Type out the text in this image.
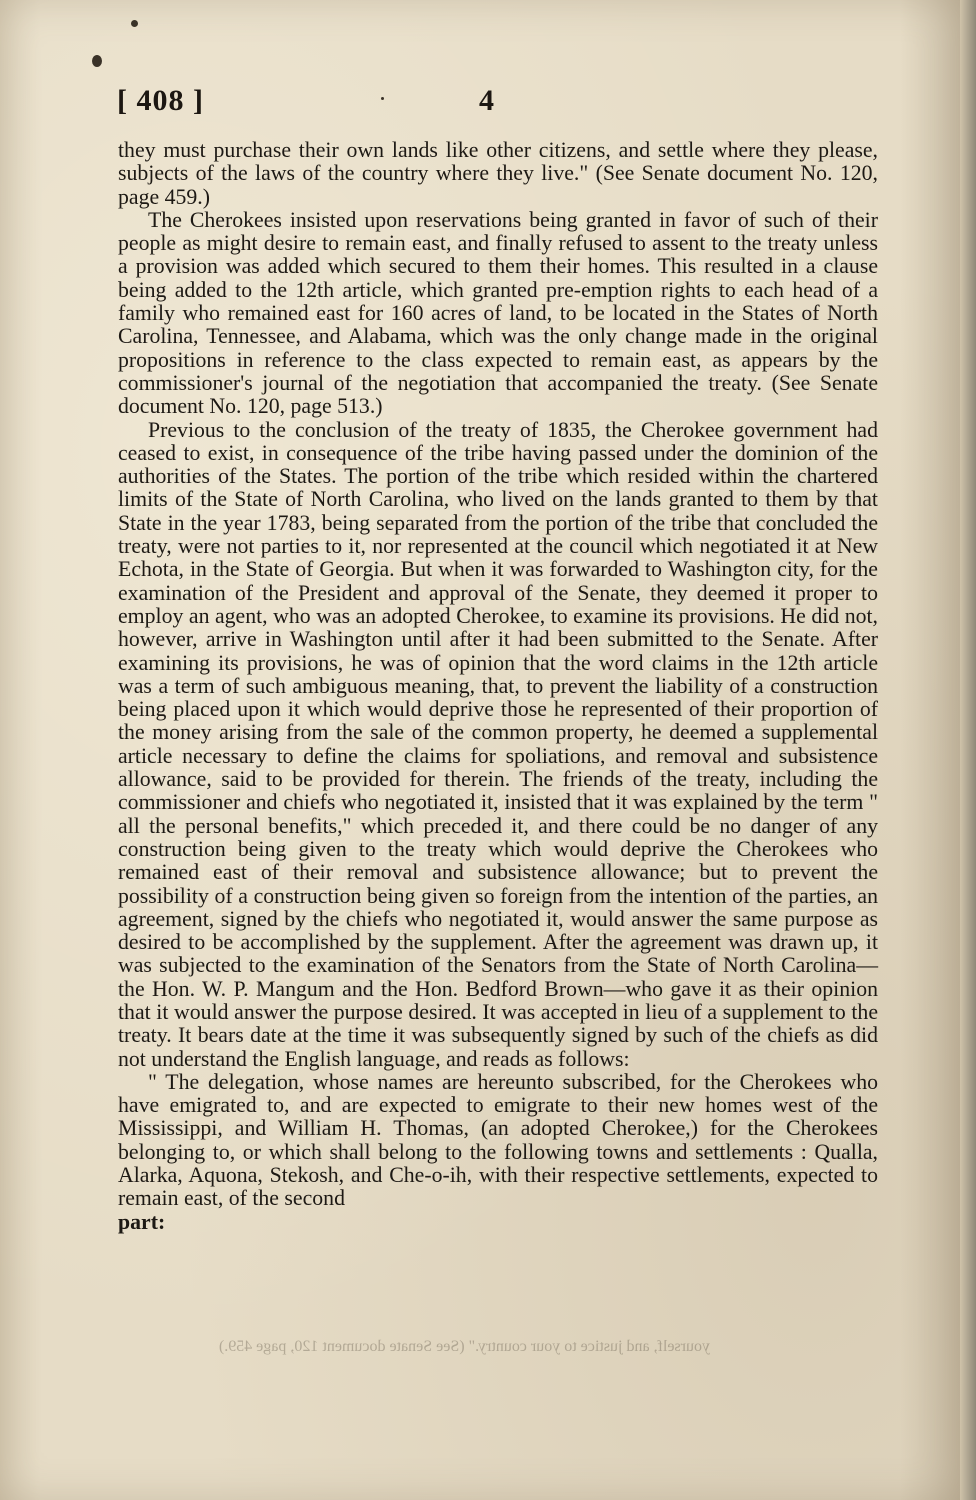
[ 408 ]	4

they must purchase their own lands like other citizens, and settle where they please, subjects of the laws of the country where they live." (See Senate document No. 120, page 459.)

The Cherokees insisted upon reservations being granted in favor of such of their people as might desire to remain east, and finally refused to assent to the treaty unless a provision was added which secured to them their homes. This resulted in a clause being added to the 12th article, which granted pre-emption rights to each head of a family who remained east for 160 acres of land, to be located in the States of North Carolina, Tennessee, and Alabama, which was the only change made in the original propositions in reference to the class expected to remain east, as appears by the commissioner's journal of the negotiation that accompanied the treaty. (See Senate document No. 120, page 513.)

Previous to the conclusion of the treaty of 1835, the Cherokee government had ceased to exist, in consequence of the tribe having passed under the dominion of the authorities of the States. The portion of the tribe which resided within the chartered limits of the State of North Carolina, who lived on the lands granted to them by that State in the year 1783, being separated from the portion of the tribe that concluded the treaty, were not parties to it, nor represented at the council which negotiated it at New Echota, in the State of Georgia. But when it was forwarded to Washington city, for the examination of the President and approval of the Senate, they deemed it proper to employ an agent, who was an adopted Cherokee, to examine its provisions. He did not, however, arrive in Washington until after it had been submitted to the Senate. After examining its provisions, he was of opinion that the word claims in the 12th article was a term of such ambiguous meaning, that, to prevent the liability of a construction being placed upon it which would deprive those he represented of their proportion of the money arising from the sale of the common property, he deemed a supplemental article necessary to define the claims for spoliations, and removal and subsistence allowance, said to be provided for therein. The friends of the treaty, including the commissioner and chiefs who negotiated it, insisted that it was explained by the term " all the personal benefits," which preceded it, and there could be no danger of any construction being given to the treaty which would deprive the Cherokees who remained east of their removal and subsistence allowance; but to prevent the possibility of a construction being given so foreign from the intention of the parties, an agreement, signed by the chiefs who negotiated it, would answer the same purpose as desired to be accomplished by the supplement. After the agreement was drawn up, it was subjected to the examination of the Senators from the State of North Carolina—the Hon. W. P. Mangum and the Hon. Bedford Brown—who gave it as their opinion that it would answer the purpose desired. It was accepted in lieu of a supplement to the treaty. It bears date at the time it was subsequently signed by such of the chiefs as did not understand the English language, and reads as follows:

" The delegation, whose names are hereunto subscribed, for the Cherokees who have emigrated to, and are expected to emigrate to their new homes west of the Mississippi, and William H. Thomas, (an adopted Cherokee,) for the Cherokees belonging to, or which shall belong to the following towns and settlements : Qualla, Alarka, Aquona, Stekosh, and Che-o-ih, with their respective settlements, expected to remain east, of the second
part:

yourself, and justice to your country." (See Senate document 120, page 459.)
